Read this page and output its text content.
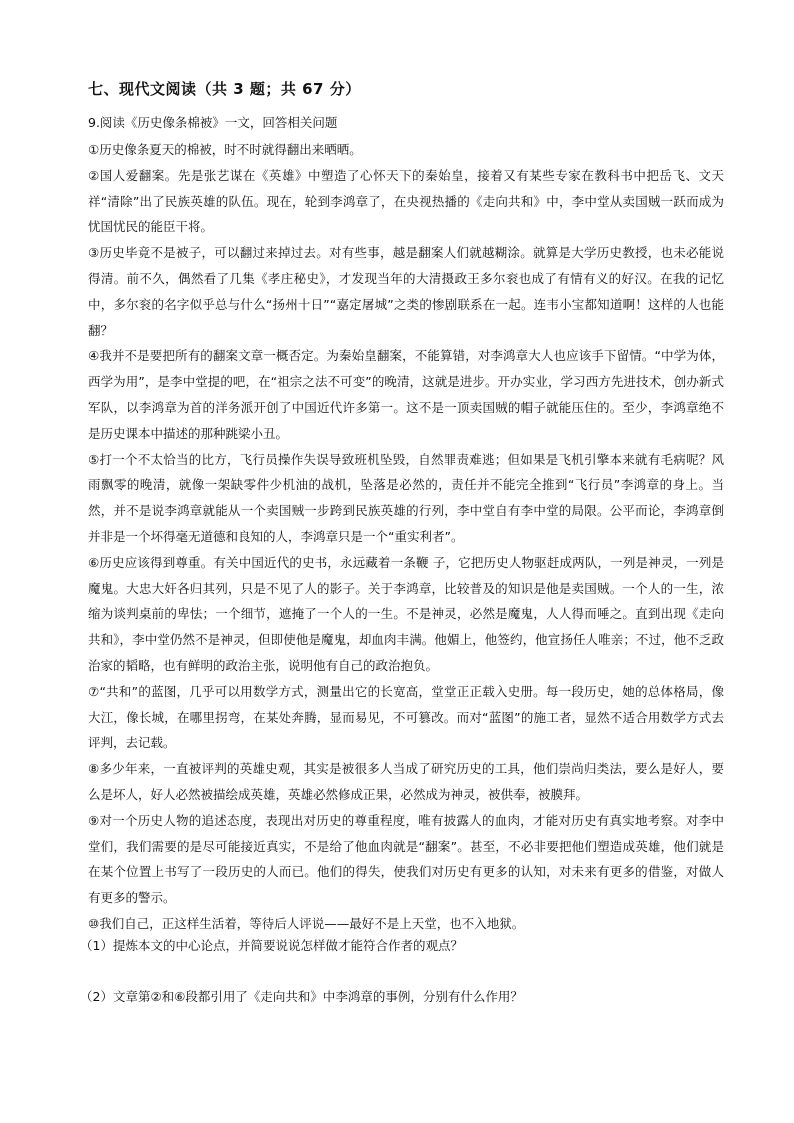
七、现代文阅读（共 3 题；共 67 分）
9.阅读《历史像条棉被》一文，回答相关问题

①历史像条夏天的棉被，时不时就得翻出来晒晒。

②国人爱翻案。先是张艺谋在《英雄》中塑造了心怀天下的秦始皇，接着又有某些专家在教科书中把岳飞、文天祥“清除”出了民族英雄的队伍。现在，轮到李鸿章了，在央视热播的《走向共和》中，李中堂从卖国贼一跃而成为忧国忧民的能臣干将。

③历史毕竟不是被子，可以翻过来掉过去。对有些事，越是翻案人们就越糊涂。就算是大学历史教授，也未必能说得清。前不久，偶然看了几集《孝庄秘史》，才发现当年的大清摄政王多尔衮也成了有情有义的好汉。在我的记忆中，多尔衮的名字似乎总与什么“扬州十日”“嘉定屠城”之类的惨剧联系在一起。连韦小宝都知道啊！这样的人也能翻？

④我并不是要把所有的翻案文章一概否定。为秦始皇翻案，不能算错，对李鸿章大人也应该手下留情。“中学为体，西学为用”，是李中堂提的吧，在“祖宗之法不可变”的晚清，这就是进步。开办实业，学习西方先进技术，创办新式军队，以李鸿章为首的洋务派开创了中国近代许多第一。这不是一顶卖国贼的帽子就能压住的。至少，李鸿章绝不是历史课本中描述的那种跳梁小丑。

⑤打一个不太恰当的比方，飞行员操作失误导致班机坠毁，自然罪责难逃；但如果是飞机引擎本来就有毛病呢？风雨飘零的晚清，就像一架缺零件少机油的战机，坠落是必然的，责任并不能完全推到“飞行员”李鸿章的身上。当然，并不是说李鸿章就能从一个卖国贼一步跨到民族英雄的行列，李中堂自有李中堂的局限。公平而论，李鸿章倒并非是一个坏得毫无道德和良知的人，李鸿章只是一个“重实利者”。

⑥历史应该得到尊重。有关中国近代的史书，永远藏着一条鞭 子，它把历史人物驱赶成两队，一列是神灵，一列是魔鬼。大忠大奸各归其列，只是不见了人的影子。关于李鸿章，比较普及的知识是他是卖国贼。一个人的一生，浓缩为谈判桌前的卑怯；一个细节，遮掩了一个人的一生。不是神灵，必然是魔鬼，人人得而唾之。直到出现《走向共和》，李中堂仍然不是神灵，但即使他是魔鬼，却血肉丰满。他媚上，他签约，他宣扬任人唯亲；不过，他不乏政治家的韬略，也有鲜明的政治主张，说明他有自己的政治抱负。

⑦“共和”的蓝图，几乎可以用数学方式，测量出它的长宽高，堂堂正正载入史册。每一段历史，她的总体格局，像大江，像长城，在哪里拐弯，在某处奔腾，显而易见，不可篡改。而对“蓝图”的施工者，显然不适合用数学方式去评判，去记载。

⑧多少年来，一直被评判的英雄史观，其实是被很多人当成了研究历史的工具，他们崇尚归类法，要么是好人，要么是坏人，好人必然被描绘成英雄，英雄必然修成正果，必然成为神灵，被供奉，被膜拜。

⑨对一个历史人物的追述态度，表现出对历史的尊重程度，唯有披露人的血肉，才能对历史有真实地考察。对李中堂们，我们需要的是尽可能接近真实，不是给了他血肉就是“翻案”。甚至，不必非要把他们塑造成英雄，他们就是在某个位置上书写了一段历史的人而已。他们的得失，使我们对历史有更多的认知，对未来有更多的借鉴，对做人有更多的警示。

⑩我们自己，正这样生活着，等待后人评说——最好不是上天堂，也不入地狱。

（1）提炼本文的中心论点，并简要说说怎样做才能符合作者的观点？

（2）文章第②和⑥段都引用了《走向共和》中李鸿章的事例，分别有什么作用？
